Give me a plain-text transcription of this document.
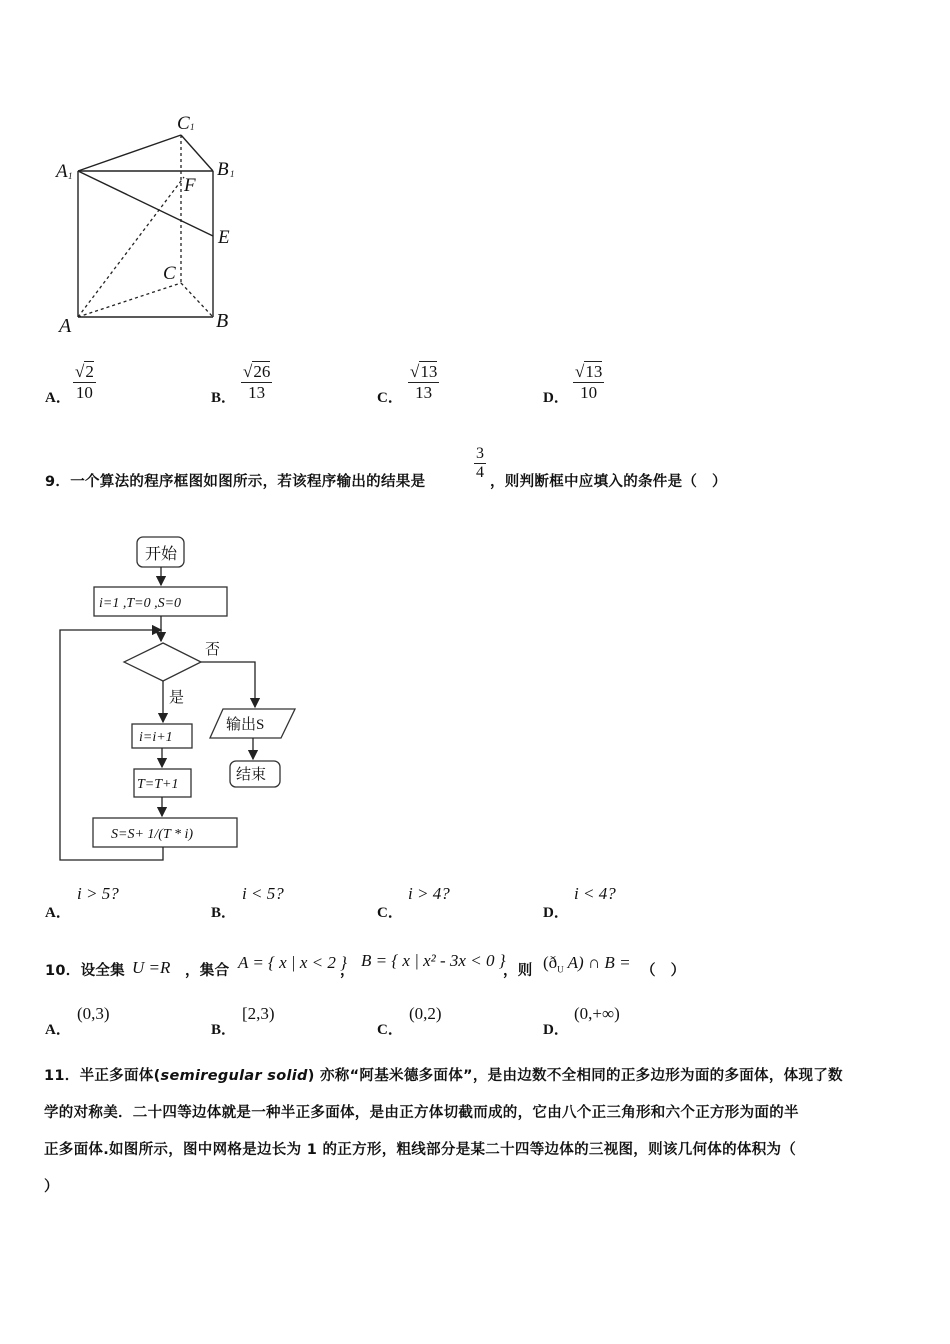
C 1
A 1	B 1
F
E
C
A	B
A． $\frac{√2}{10}$	B． $\frac{√26}{13}$	C． $\frac{√13}{13}$	D． $\frac{√13}{10}$
9．一个算法的程序框图如图所示，若该程序输出的结果是	$\frac{3}{4}$ ，则判断框中应填入的条件是（　）
开始
i=1 ,T=0 ,S=0
否
是
i=i+1
T=T+1
S=S+ 1/(T * i)
输出S
结束
A．
i > 5?
B．
i < 5?
C．
i > 4?
D．
i < 4?
10．设全集 U =R ，集合 A = { x | x < 2 }
，
B = { x | x² - 3x < 0 }
，则 ($ð_U$ A) ∩ B = （　）
A．
(0,3)
B．
[2,3)
C．
(0,2)
D．
(0,+∞)
11．半正多面体(semiregular solid) 亦称“阿基米德多面体”，是由边数不全相同的正多边形为面的多面体，体现了数
学的对称美．二十四等边体就是一种半正多面体，是由正方体切截而成的，它由八个正三角形和六个正方形为面的半
正多面体.如图所示，图中网格是边长为 1 的正方形，粗线部分是某二十四等边体的三视图，则该几何体的体积为（
）
